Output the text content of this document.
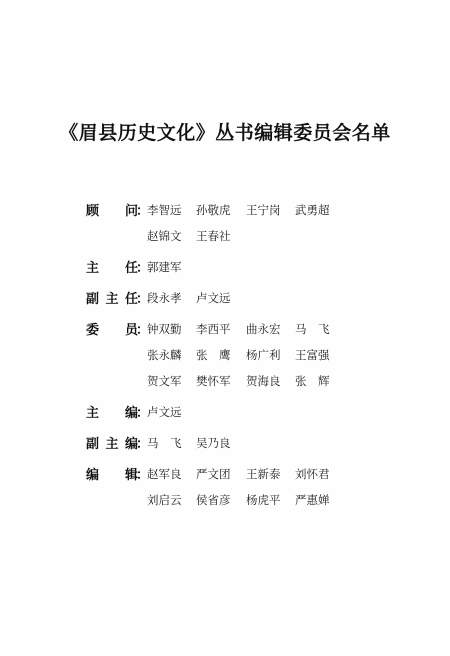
《眉县历史文化》丛书编辑委员会名单
顾 问
：
李智远 孙敬虎 王宁岗 武勇超
赵锦文 王春社
主 任
：
郭建军
副 主 任
：
段永孝 卢文远
委 员
：
钟双勤 李西平 曲永宏 马　飞
张永麟 张　鹰 杨广利 王富强
贺文军 樊怀军 贺海良 张　辉
主 编
：
卢文远
副 主 编
：
马　飞 吴乃良
编 辑
：
赵军良 严文团 王新泰 刘怀君
刘启云 侯省彦 杨虎平 严惠婵
